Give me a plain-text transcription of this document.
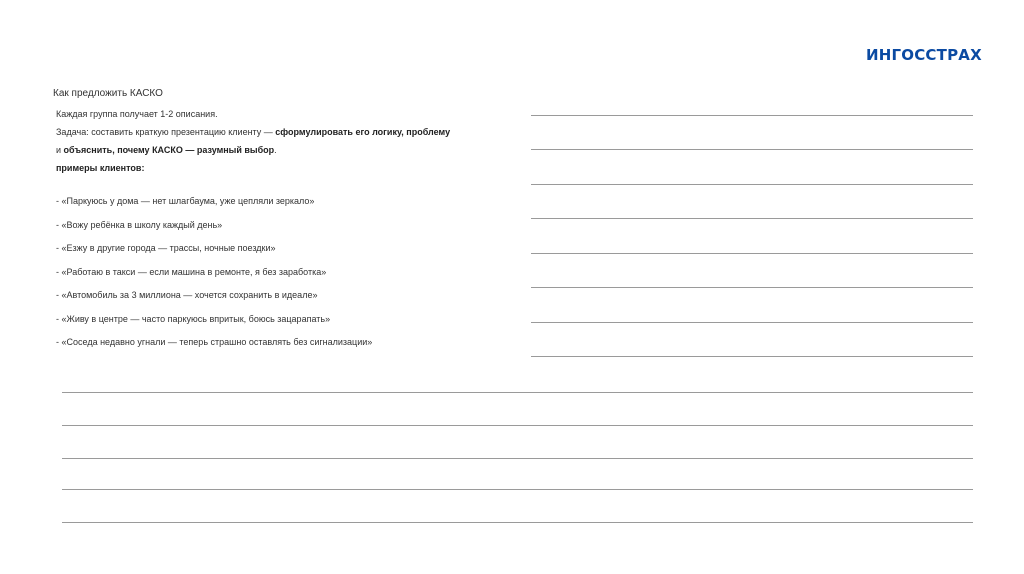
ИНГОССТРАХ
Как предложить КАСКО
Каждая группа получает 1-2 описания.
Задача: составить краткую презентацию клиенту — сформулировать его логику, проблему
и объяснить, почему КАСКО — разумный выбор.
примеры клиентов:
- «Паркуюсь у дома — нет шлагбаума, уже цепляли зеркало»
- «Вожу ребёнка в школу каждый день»
- «Езжу в другие города — трассы, ночные поездки»
- «Работаю в такси — если машина в ремонте, я без заработка»
- «Автомобиль за 3 миллиона — хочется сохранить в идеале»
- «Живу в центре — часто паркуюсь впритык, боюсь зацарапать»
- «Соседа недавно угнали — теперь страшно оставлять без сигнализации»
